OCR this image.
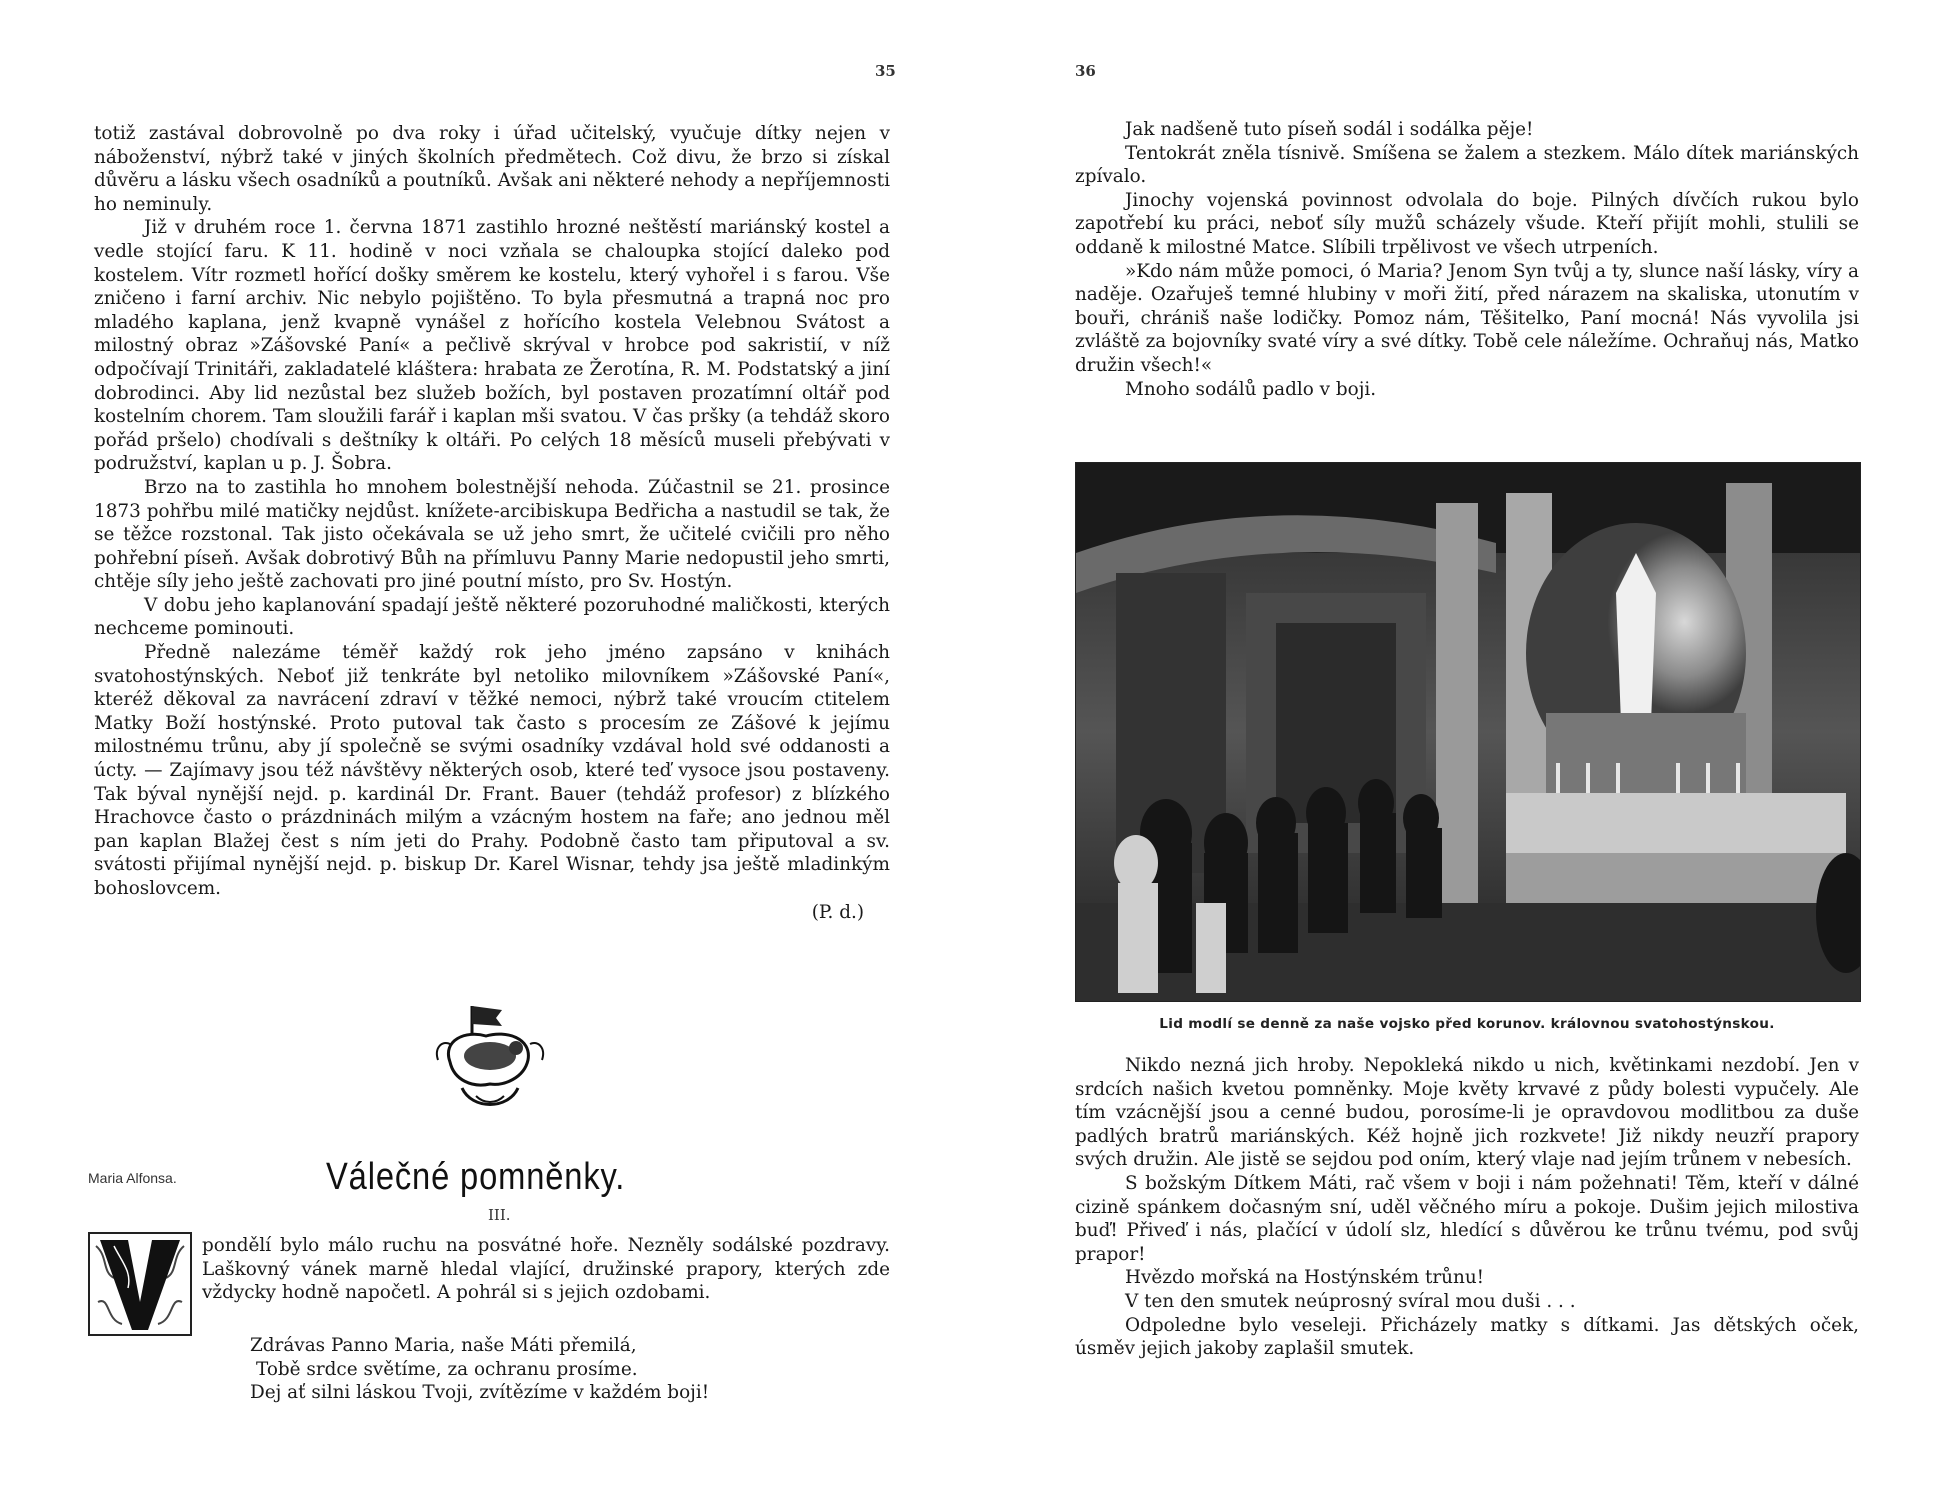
35

totiž zastával dobrovolně po dva roky i úřad učitelský, vyučuje dítky nejen v náboženství, nýbrž také v jiných školních předmětech. Což divu, že brzo si získal důvěru a lásku všech osadníků a poutníků. Avšak ani některé nehody a nepříjemnosti ho neminuly.

Již v druhém roce 1. června 1871 zastihlo hrozné neštěstí mariánský kostel a vedle stojící faru. K 11. hodině v noci vzňala se chaloupka stojící daleko pod kostelem. Vítr rozmetl hořící došky směrem ke kostelu, který vyhořel i s farou. Vše zničeno i farní archiv. Nic nebylo pojištěno. To byla přesmutná a trapná noc pro mladého kaplana, jenž kvapně vynášel z hořícího kostela Velebnou Svátost a milostný obraz »Zášovské Paní« a pečlivě skrýval v hrobce pod sakristií, v níž odpočívají Trinitáři, zakladatelé kláštera: hrabata ze Žerotína, R. M. Podstatský a jiní dobrodinci. Aby lid nezůstal bez služeb božích, byl postaven prozatímní oltář pod kostelním chorem. Tam sloužili farář i kaplan mši svatou. V čas pršky (a tehdáž skoro pořád pršelo) chodívali s deštníky k oltáři. Po celých 18 měsíců museli přebývati v podružství, kaplan u p. J. Šobra.

Brzo na to zastihla ho mnohem bolestnější nehoda. Zúčastnil se 21. prosince 1873 pohřbu milé matičky nejdůst. knížete-arcibiskupa Bedřicha a nastudil se tak, že se těžce rozstonal. Tak jisto očekávala se už jeho smrt, že učitelé cvičili pro něho pohřební píseň. Avšak dobrotivý Bůh na přímluvu Panny Marie nedopustil jeho smrti, chtěje síly jeho ještě zachovati pro jiné poutní místo, pro Sv. Hostýn.

V dobu jeho kaplanování spadají ještě některé pozoruhodné maličkosti, kterých nechceme pominouti.

Předně nalezáme téměř každý rok jeho jméno zapsáno v knihách svatohostýnských. Neboť již tenkráte byl netoliko milovníkem »Zášovské Paní«, kteréž děkoval za navrácení zdraví v těžké nemoci, nýbrž také vroucím ctitelem Matky Boží hostýnské. Proto putoval tak často s procesím ze Zášové k jejímu milostnému trůnu, aby jí společně se svými osadníky vzdával hold své oddanosti a úcty. — Zajímavy jsou též návštěvy některých osob, které teď vysoce jsou postaveny. Tak býval nynější nejd. p. kardinál Dr. Frant. Bauer (tehdáž profesor) z blízkého Hrachovce často o prázdninách milým a vzácným hostem na faře; ano jednou měl pan kaplan Blažej čest s ním jeti do Prahy. Podobně často tam připutoval a sv. svátosti přijímal nynější nejd. p. biskup Dr. Karel Wisnar, tehdy jsa ještě mladinkým bohoslovcem.

(P. d.)
Maria Alfonsa.	Válečné pomněnky.
III.

pondělí bylo málo ruchu na posvátné hoře. Nezněly sodálské pozdravy. Laškovný vánek marně hledal vlající, družinské prapory, kterých zde vždycky hodně napočetl. A pohrál si s jejich ozdobami.

Zdrávas Panno Maria, naše Máti přemilá,
Tobě srdce světíme, za ochranu prosíme.
Dej ať silni láskou Tvoji, zvítězíme v každém boji!
36

Jak nadšeně tuto píseň sodál i sodálka pěje!

Tentokrát zněla tísnivě. Smíšena se žalem a stezkem. Málo dítek mariánských zpívalo.

Jinochy vojenská povinnost odvolala do boje. Pilných dívčích rukou bylo zapotřebí ku práci, neboť síly mužů scházely všude. Kteří přijít mohli, stulili se oddaně k milostné Matce. Slíbili trpělivost ve všech utrpeních.

»Kdo nám může pomoci, ó Maria? Jenom Syn tvůj a ty, slunce naší lásky, víry a naděje. Ozařuješ temné hlubiny v moři žití, před nárazem na skaliska, utonutím v bouři, chrániš naše lodičky. Pomoz nám, Těšitelko, Paní mocná! Nás vyvolila jsi zvláště za bojovníky svaté víry a své dítky. Tobě cele náležíme. Ochraňuj nás, Matko družin všech!«

Mnoho sodálů padlo v boji.

Lid modlí se denně za naše vojsko před korunov. královnou svatohostýnskou.

Nikdo nezná jich hroby. Nepokleká nikdo u nich, květinkami nezdobí. Jen v srdcích našich kvetou pomněnky. Moje květy krvavé z půdy bolesti vypučely. Ale tím vzácnější jsou a cenné budou, porosíme-li je opravdovou modlitbou za duše padlých bratrů mariánských. Kéž hojně jich rozkvete! Již nikdy neuzří prapory svých družin. Ale jistě se sejdou pod oním, který vlaje nad jejím trůnem v nebesích.

S božským Dítkem Máti, rač všem v boji i nám požehnati! Těm, kteří v dálné cizině spánkem dočasným sní, uděl věčného míru a pokoje. Dušim jejich milostiva buď! Přiveď i nás, plačící v údolí slz, hledící s důvěrou ke trůnu tvému, pod svůj prapor!

Hvězdo mořská na Hostýnském trůnu!

V ten den smutek neúprosný svíral mou duši . . .

Odpoledne bylo veseleji. Přicházely matky s dítkami. Jas dětských oček, úsměv jejich jakoby zaplašil smutek.
